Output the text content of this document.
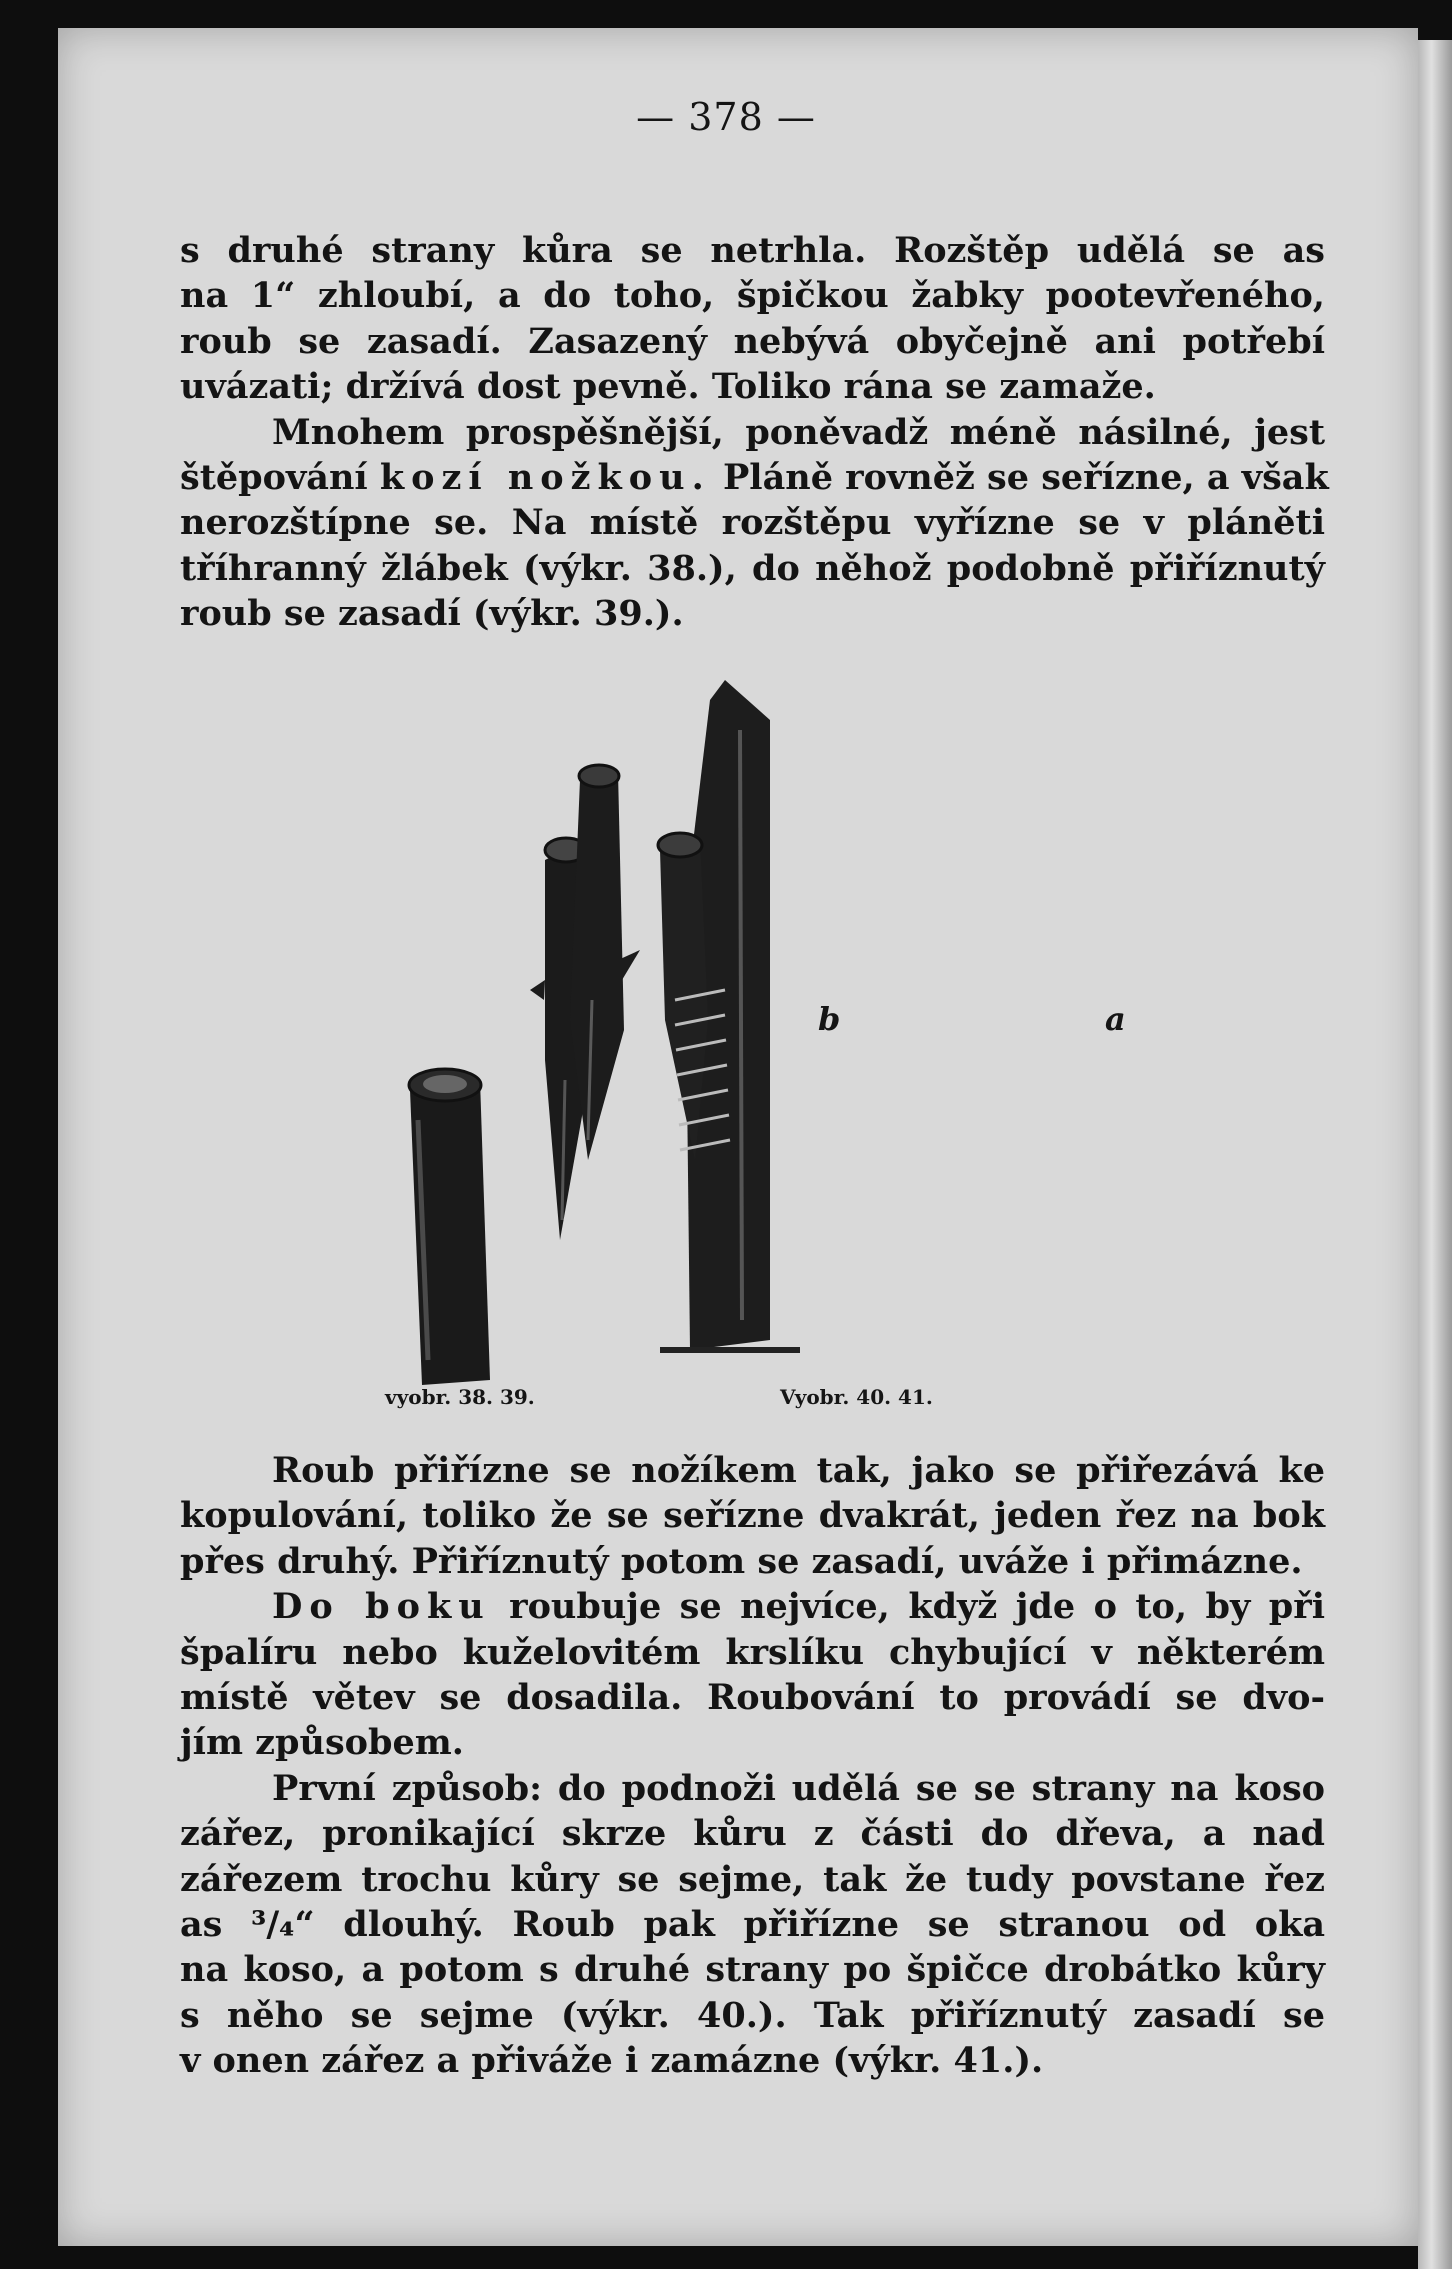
— 378 —
s druhé strany kůra se netrhla. Rozštěp udělá se as
na 1“ zhloubí, a do toho, špičkou žabky pootevřeného,
roub se zasadí. Zasazený nebývá obyčejně ani potřebí
uvázati; držívá dost pevně. Toliko rána se zamaže.
Mnohem prospěšnější, poněvadž méně násilné, jest
štěpování kozí nožkou. Pláně rovněž se seřízne, a však
nerozštípne se. Na místě rozštěpu vyřízne se v pláněti
tříhranný žlábek (výkr. 38.), do něhož podobně přiříznutý
roub se zasadí (výkr. 39.).
b	a
vyobr. 38. 39.	Vyobr. 40. 41.
Roub přiřízne se nožíkem tak, jako se přiřezává ke
kopulování, toliko že se seřízne dvakrát, jeden řez na bok
přes druhý. Přiříznutý potom se zasadí, uváže i přimázne.
Do boku roubuje se nejvíce, když jde o to, by při
špalíru nebo kuželovitém krslíku chybující v některém
místě větev se dosadila. Roubování to provádí se dvo-
jím způsobem.
První způsob: do podnoži udělá se se strany na koso
zářez, pronikající skrze kůru z části do dřeva, a nad
zářezem trochu kůry se sejme, tak že tudy povstane řez
as ³/₄“ dlouhý. Roub pak přiřízne se stranou od oka
na koso, a potom s druhé strany po špičce drobátko kůry
s něho se sejme (výkr. 40.). Tak přiříznutý zasadí se
v onen zářez a přiváže i zamázne (výkr. 41.).
